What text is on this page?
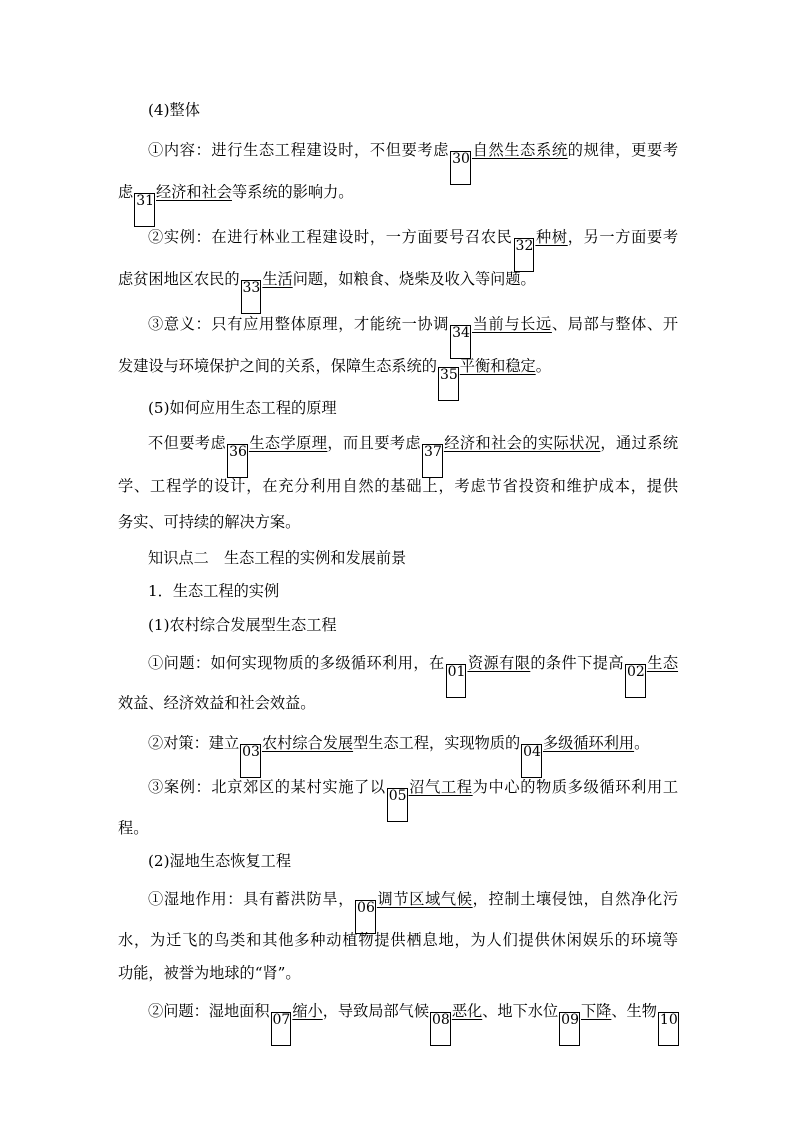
(4)整体
①内容：进行生态工程建设时，不但要考虑 30 自然生态系统的规律，更要考
虑 31 经济和社会等系统的影响力。
②实例：在进行林业工程建设时，一方面要号召农民 32 种树，另一方面要考
虑贫困地区农民的 33 生活问题，如粮食、烧柴及收入等问题。
③意义：只有应用整体原理，才能统一协调 34 当前与长远、局部与整体、开
发建设与环境保护之间的关系，保障生态系统的 35 平衡和稳定。
(5)如何应用生态工程的原理
不但要考虑 36 生态学原理，而且要考虑 37 经济和社会的实际状况，通过系统
学、工程学的设计，在充分利用自然的基础上，考虑节省投资和维护成本，提供
务实、可持续的解决方案。
知识点二　生态工程的实例和发展前景
1．生态工程的实例
(1)农村综合发展型生态工程
①问题：如何实现物质的多级循环利用，在 01 资源有限的条件下提高 02 生态
效益、经济效益和社会效益。
②对策：建立 03 农村综合发展型生态工程，实现物质的 04 多级循环利用。
③案例：北京郊区的某村实施了以 05 沼气工程为中心的物质多级循环利用工
程。
(2)湿地生态恢复工程
①湿地作用：具有蓄洪防旱， 06 调节区域气候，控制土壤侵蚀，自然净化污
水，为迁飞的鸟类和其他多种动植物提供栖息地，为人们提供休闲娱乐的环境等
功能，被誉为地球的“肾”。
②问题：湿地面积 07 缩小，导致局部气候 08 恶化、地下水位 09 下降、生物 10
